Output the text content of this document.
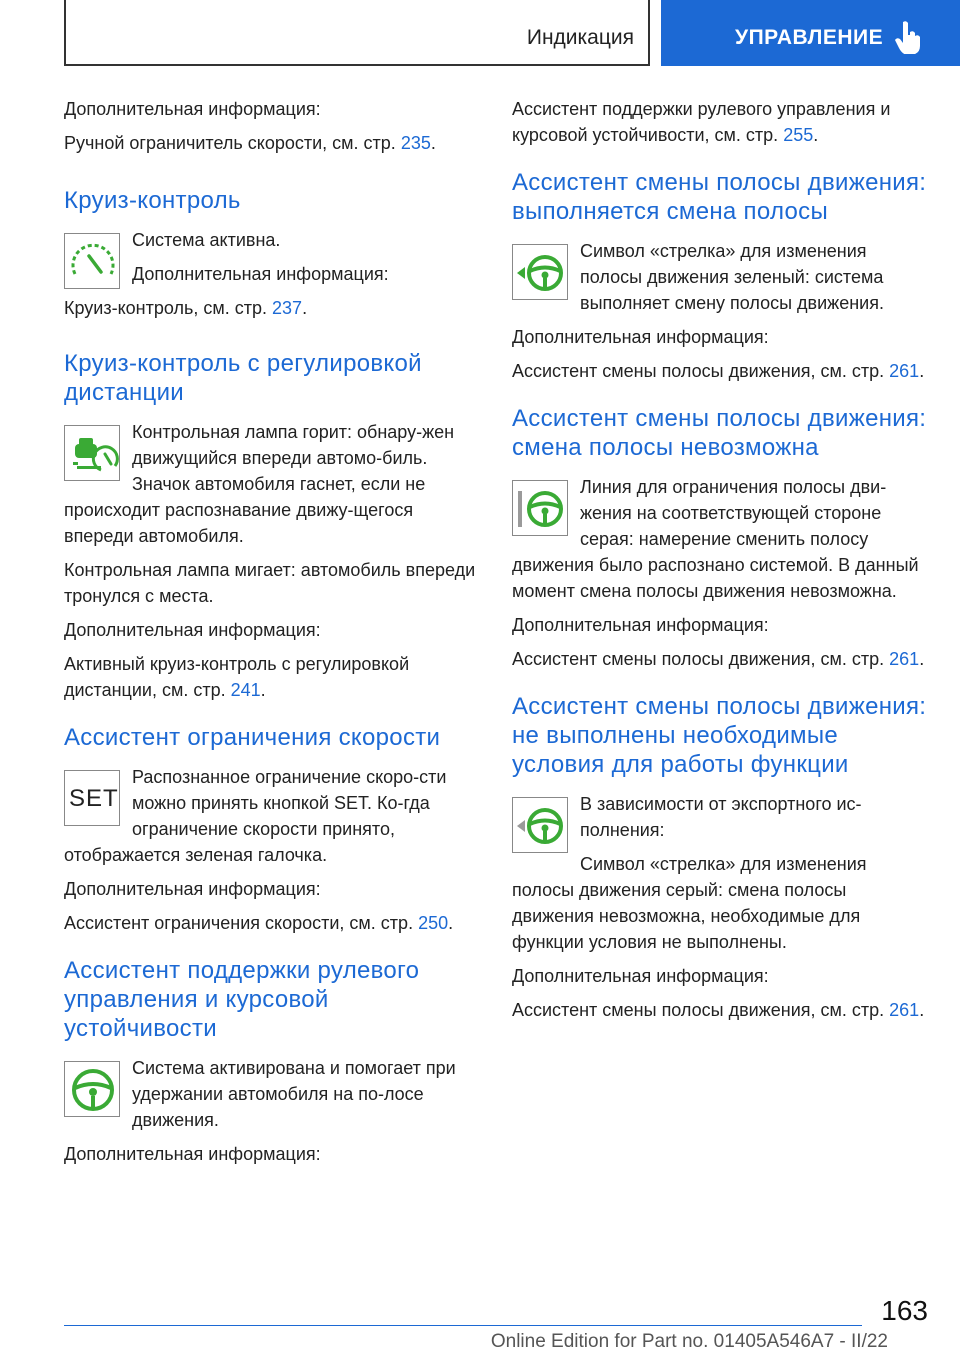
Индикация	УПРАВЛЕНИЕ

Дополнительная информация:

Ручной ограничитель скорости, см. стр. 235.

Круиз-контроль

Система активна.

Дополнительная информация:

Круиз-контроль, см. стр. 237.

Круиз-контроль с регулировкой дистанции

Контрольная лампа горит: обнару-жен движущийся впереди автомо-биль. Значок автомобиля гаснет, если не происходит распознавание движу-щегося впереди автомобиля.

Контрольная лампа мигает: автомобиль впереди тронулся с места.

Дополнительная информация:

Активный круиз-контроль с регулировкой дистанции, см. стр. 241.

Ассистент ограничения скорости
SET

Распознанное ограничение скоро-сти можно принять кнопкой SET. Ко-гда ограничение скорости принято, отображается зеленая галочка.

Дополнительная информация:

Ассистент ограничения скорости, см. стр. 250.

Ассистент поддержки рулевого управления и курсовой устойчивости

Система активирована и помогает при удержании автомобиля на по-лосе движения.

Дополнительная информация:

Ассистент поддержки рулевого управления и курсовой устойчивости, см. стр. 255.

Ассистент смены полосы движения: выполняется смена полосы

Символ «стрелка» для изменения полосы движения зеленый: система выполняет смену полосы движения.

Дополнительная информация:

Ассистент смены полосы движения, см. стр. 261.

Ассистент смены полосы движения: смена полосы невозможна

Линия для ограничения полосы дви-жения на соответствующей стороне серая: намерение сменить полосу движения было распознано системой. В данный момент смена полосы движения невозможна.

Дополнительная информация:

Ассистент смены полосы движения, см. стр. 261.

Ассистент смены полосы движения: не выполнены необходимые условия для работы функции

В зависимости от экспортного ис-полнения:

Символ «стрелка» для изменения полосы движения серый: смена полосы движения невозможна, необходимые для функции условия не выполнены.

Дополнительная информация:

Ассистент смены полосы движения, см. стр. 261.

163
Online Edition for Part no. 01405A546A7 - II/22
